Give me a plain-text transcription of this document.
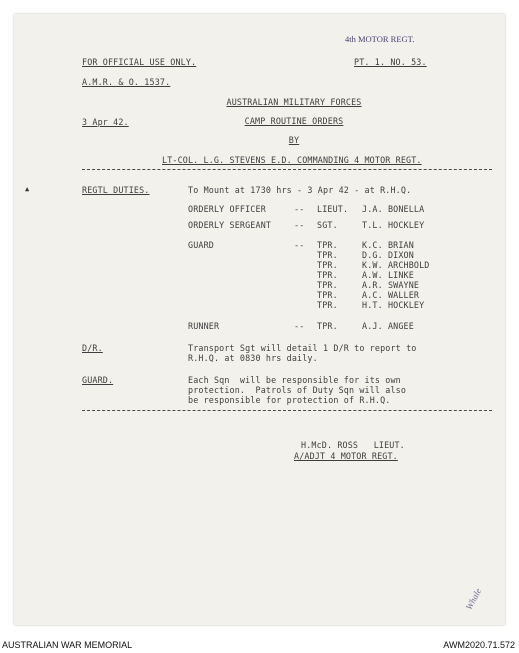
4th MOTOR REGT.
FOR OFFICIAL USE ONLY.	PT. 1. NO. 53.
A.M.R. & O. 1537.
AUSTRALIAN MILITARY FORCES
3 Apr 42.	CAMP ROUTINE ORDERS
BY
LT-COL. L.G. STEVENS E.D. COMMANDING 4 MOTOR REGT.
▲	REGTL DUTIES.	To Mount at 1730 hrs - 3 Apr 42 - at R.H.Q.
ORDERLY OFFICER	-- LIEUT. J.A. BONELLA
ORDERLY SERGEANT	-- SGT.	T.L. HOCKLEY
GUARD	-- TPR.	K.C. BRIAN
TPR.	D.G. DIXON
TPR.	K.W. ARCHBOLD
TPR.	A.W. LINKE
TPR.	A.R. SWAYNE
TPR.	A.C. WALLER
TPR.	H.T. HOCKLEY
RUNNER	-- TPR.	A.J. ANGEE
D/R.	Transport Sgt will detail 1 D/R to report to
R.H.Q. at 0830 hrs daily.
GUARD.	Each Sqn  will be responsible for its own
protection.  Patrols of Duty Sqn will also
be responsible for protection of R.H.Q.
H.McD. ROSS   LIEUT.
A/ADJT 4 MOTOR REGT.
Whale
AUSTRALIAN WAR MEMORIAL	AWM2020.71.572
